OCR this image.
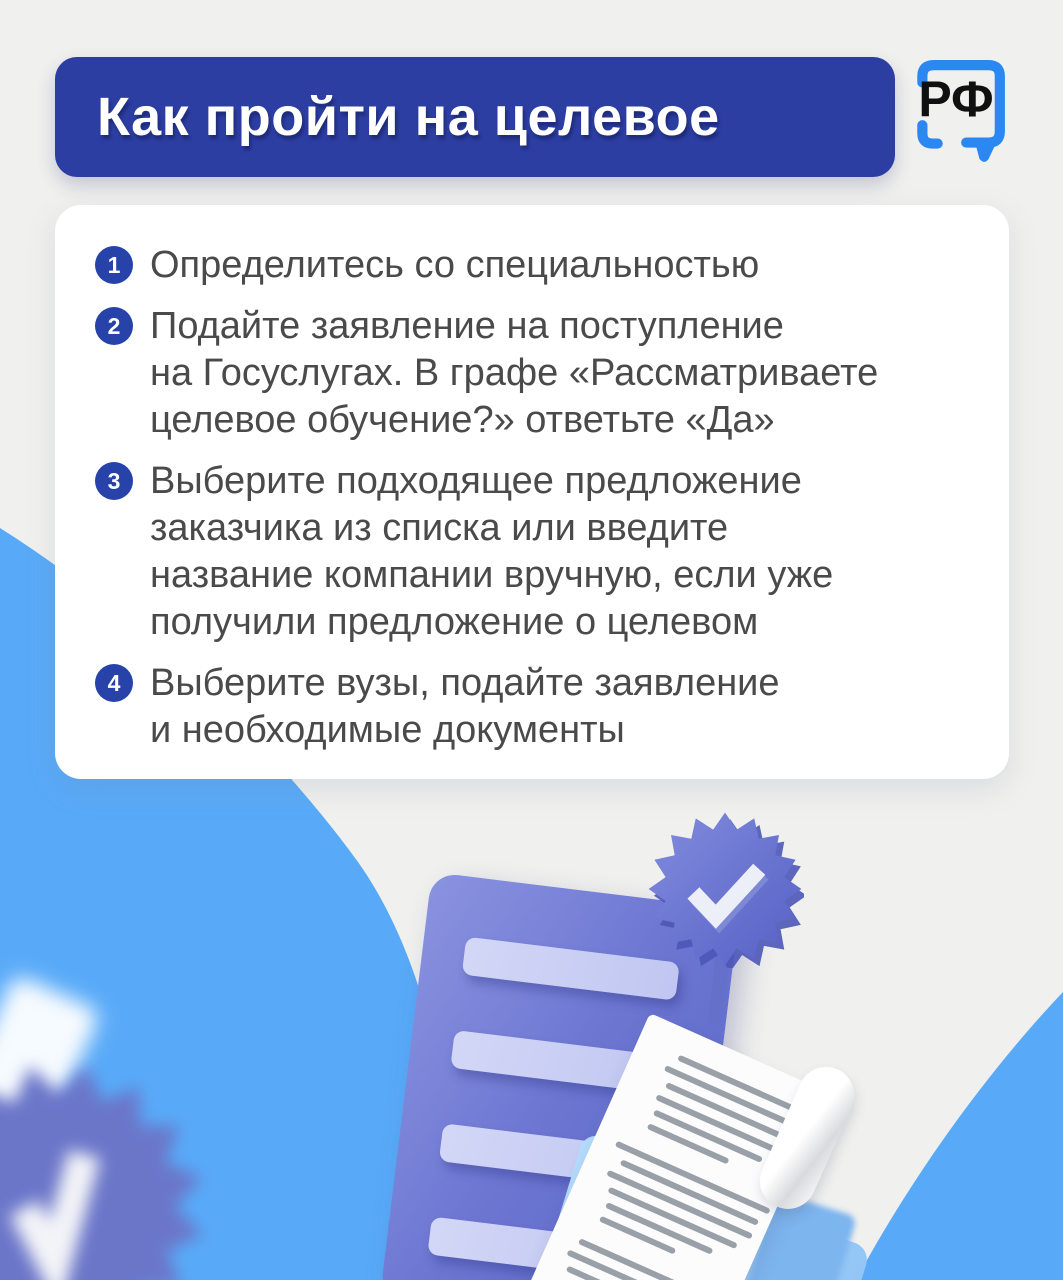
Как пройти на целевое	РФ
1 Определитесь со специальностью
2 Подайте заявление на поступление
на Госуслугах. В графе «Рассматриваете
целевое обучение?» ответьте «Да»
3 Выберите подходящее предложение
заказчика из списка или введите
название компании вручную, если уже
получили предложение о целевом
4 Выберите вузы, подайте заявление
и необходимые документы
